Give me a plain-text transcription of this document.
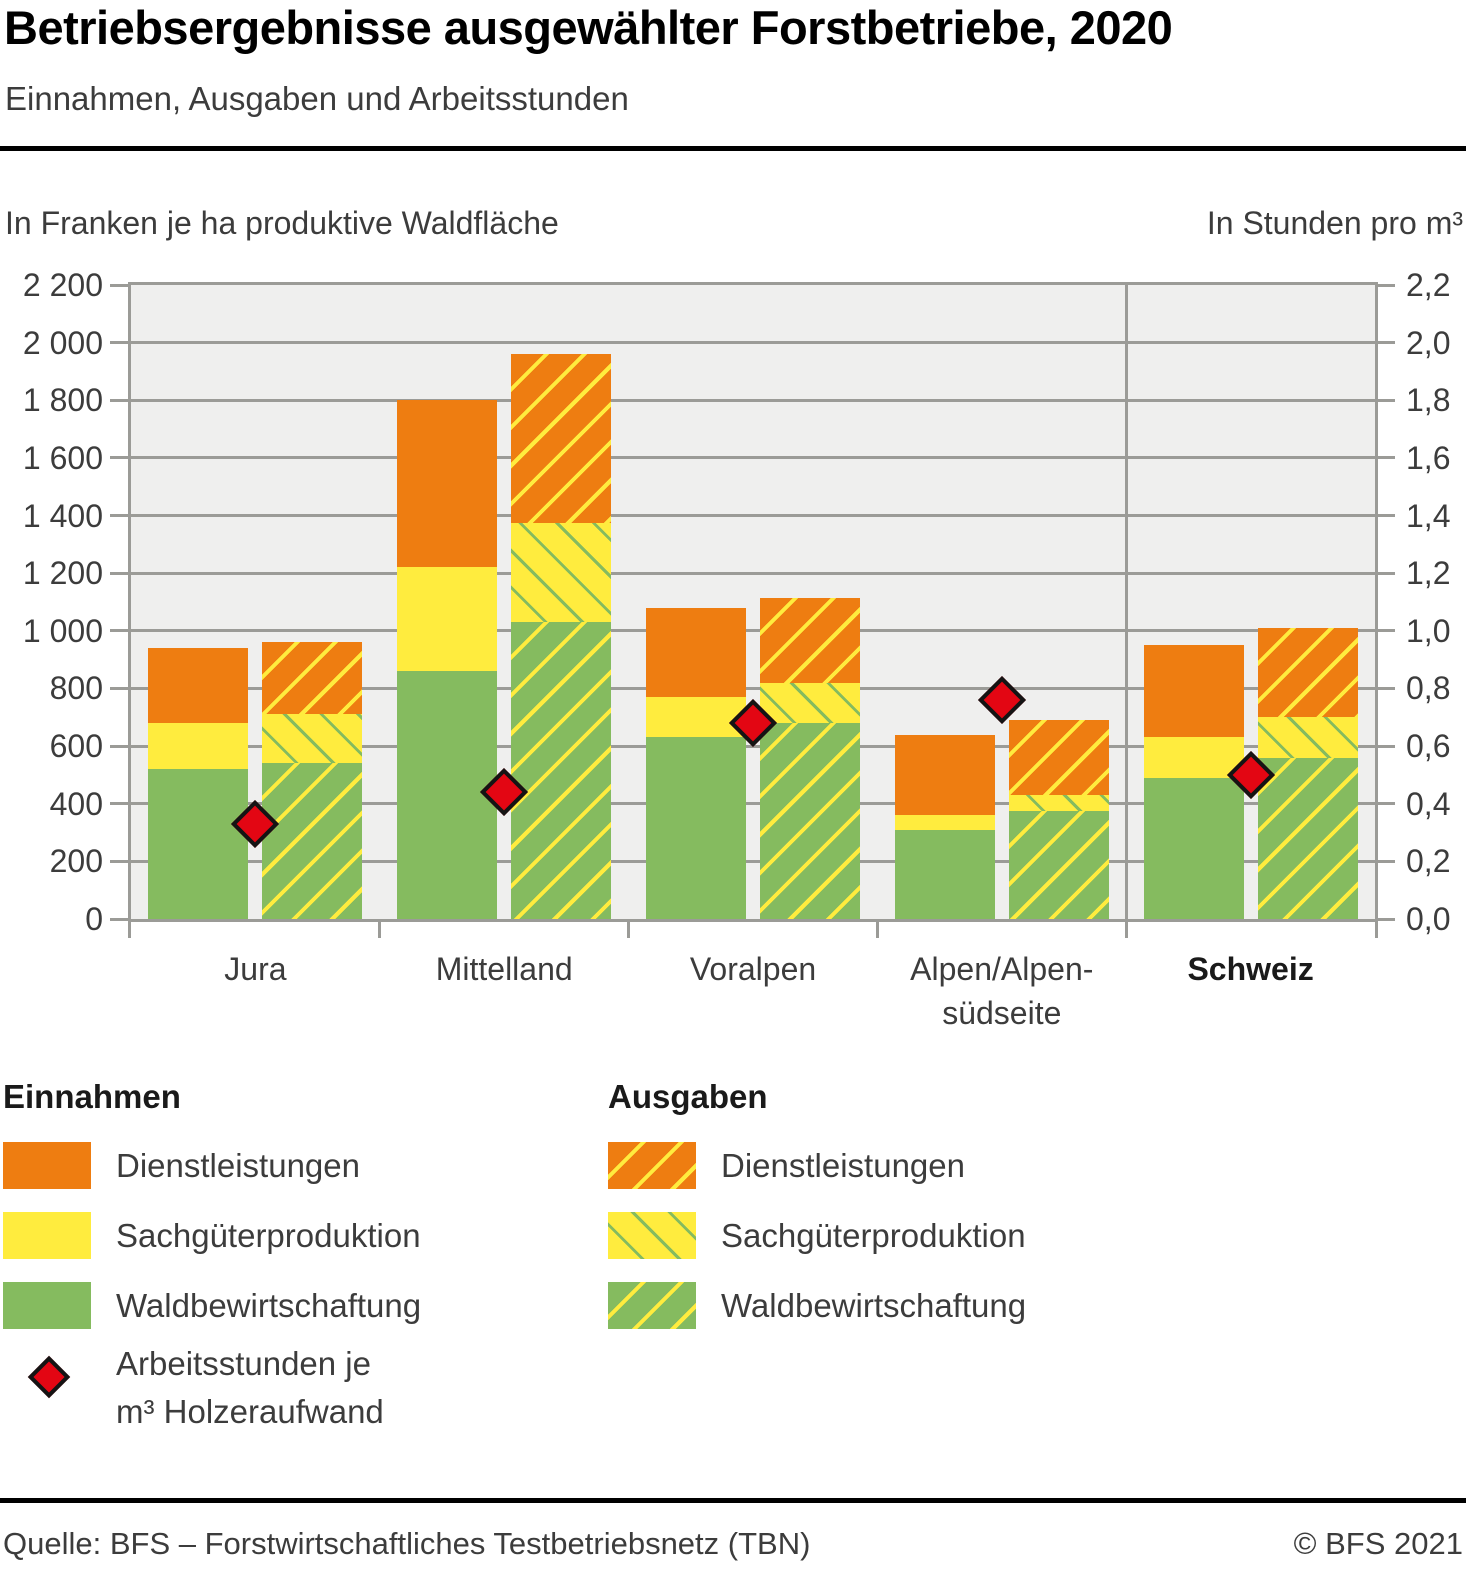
Betriebsergebnisse ausgewählter Forstbetriebe, 2020
Einnahmen, Ausgaben und Arbeitsstunden
In Franken je ha produktive Waldfläche	In Stunden pro m³
2 200	2,2
2 000	2,0
1 800	1,8
1 600	1,6
1 400	1,4
1 200	1,2
1 000	1,0
800	0,8
600	0,6
400	0,4
200	0,2
0	0,0
Jura	Mittelland	Voralpen	Alpen/Alpen-
südseite
Schweiz

Einnahmen

Dienstleistungen
Sachgüterproduktion
Waldbewirtschaftung

Ausgaben

Dienstleistungen
Sachgüterproduktion
Waldbewirtschaftung
Arbeitsstunden je
m³ Holzeraufwand
Quelle: BFS – Forstwirtschaftliches Testbetriebsnetz (TBN)	© BFS 2021
